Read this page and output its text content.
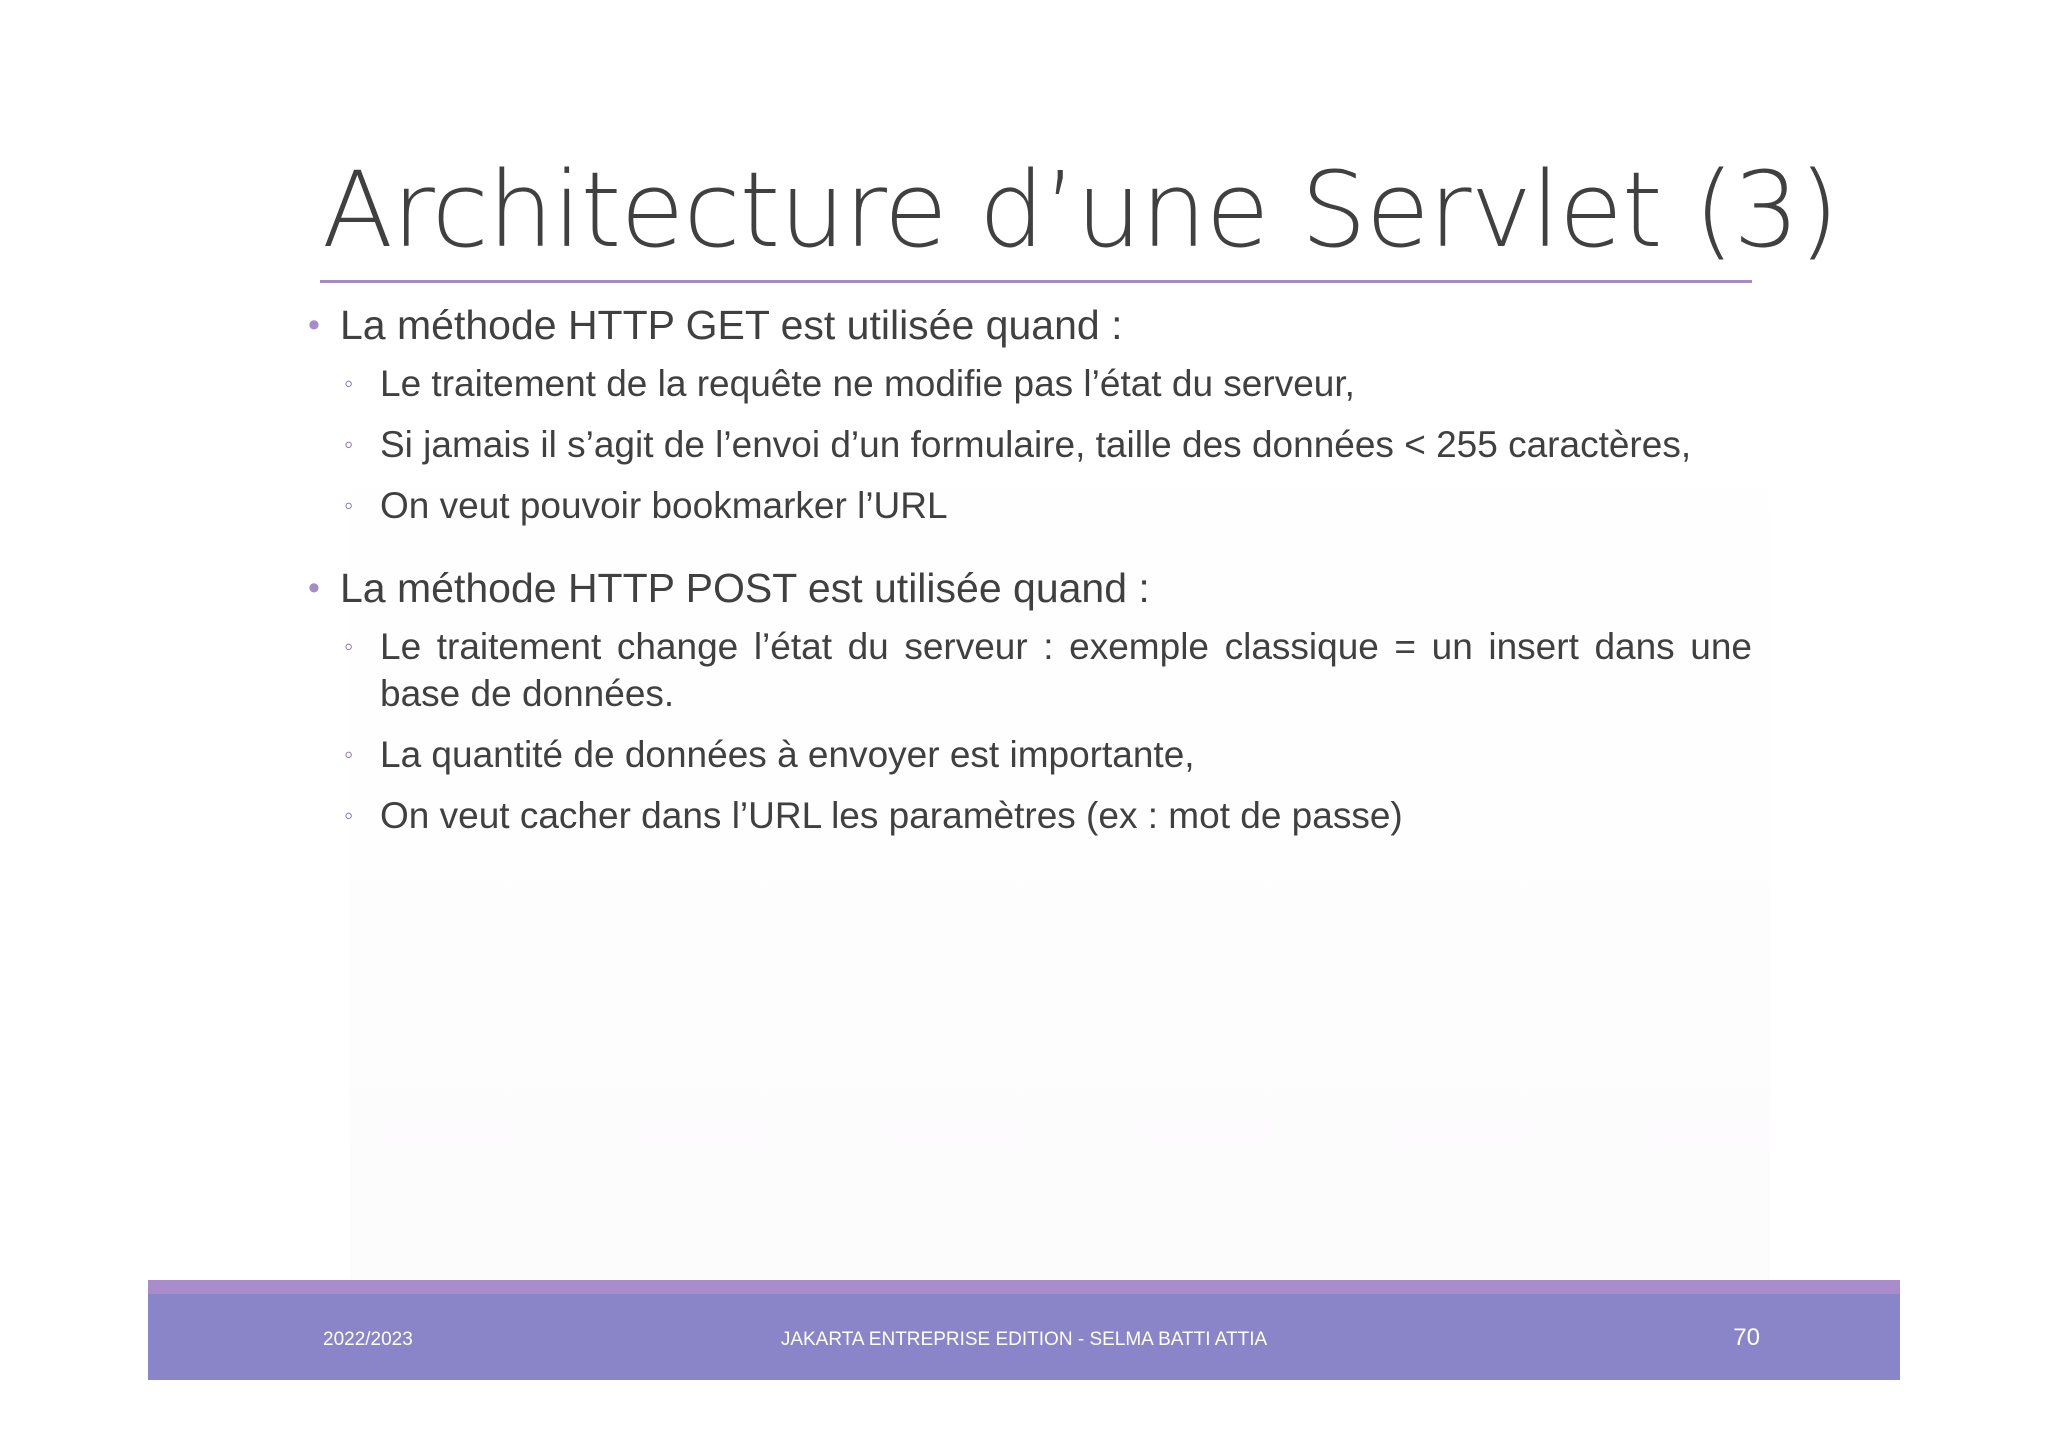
Architecture d’une Servlet (3)
• La méthode HTTP GET est utilisée quand :
◦ Le traitement de la requête ne modifie pas l’état du serveur,
◦ Si jamais il s’agit de l’envoi d’un formulaire, taille des données < 255 caractères,
◦ On veut pouvoir bookmarker l’URL
• La méthode HTTP POST est utilisée quand :
◦ Le traitement change l’état du serveur : exemple classique = un insert dans une base de données.
◦ La quantité de données à envoyer est importante,
◦ On veut cacher dans l’URL les paramètres (ex : mot de passe)
2022/2023	JAKARTA ENTREPRISE EDITION - SELMA BATTI ATTIA	70
